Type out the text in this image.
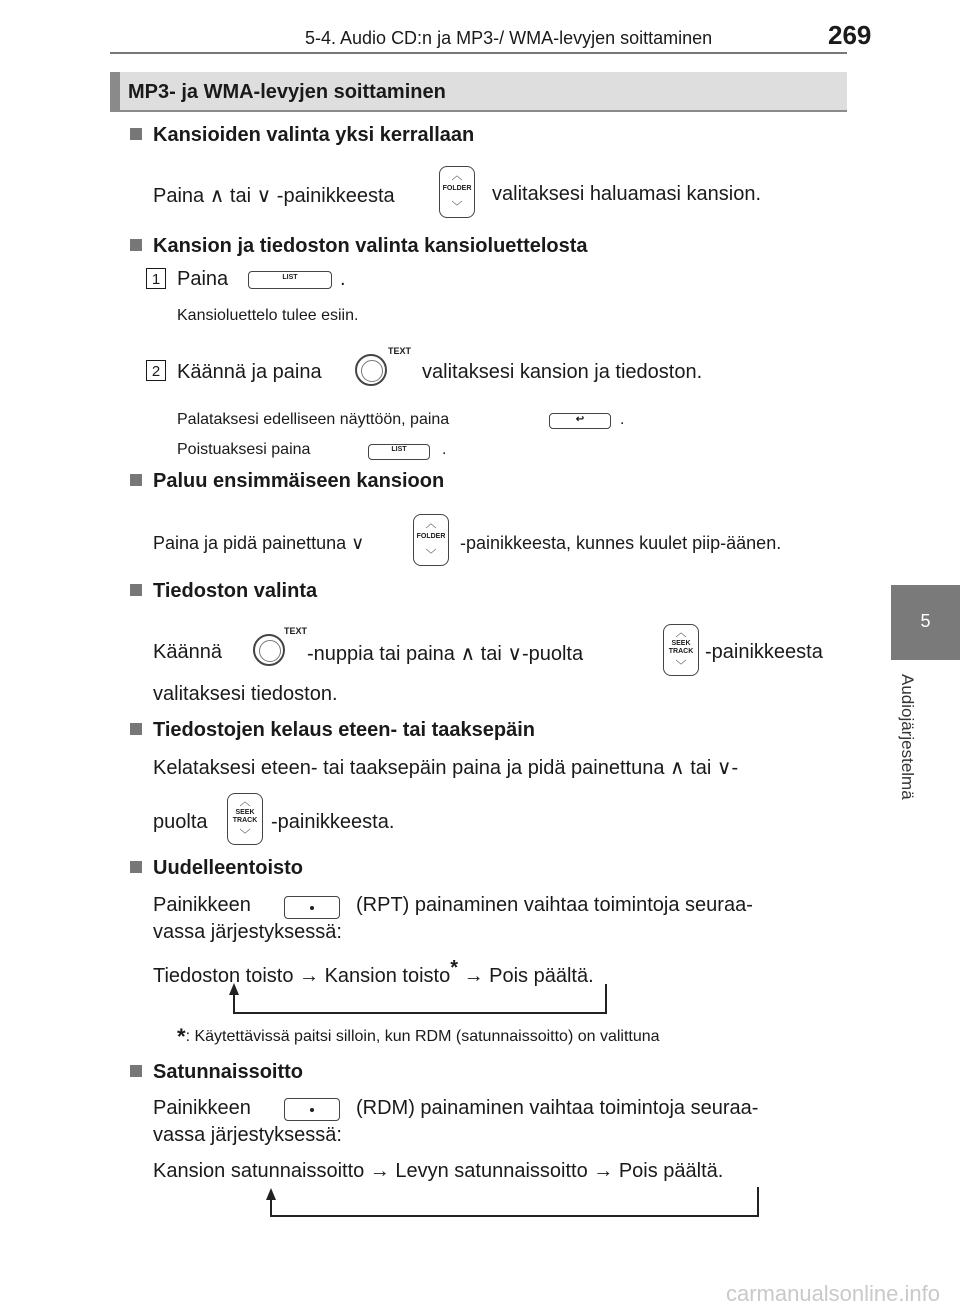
5-4. Audio CD:n ja MP3-/ WMA-levyjen soittaminen	269
5
Audiojärjestelmä
MP3- ja WMA-levyjen soittaminen
Kansioiden valinta yksi kerrallaan
Paina ∧ tai ∨ -painikkeesta
︿
FOLDER
﹀
valitaksesi haluamasi kansion.
Kansion ja tiedoston valinta kansioluettelosta
1 Paina	LIST	.
Kansioluettelo tulee esiin.
2 Käännä ja paina
TEXT
valitaksesi kansion ja tiedoston.
Palataksesi edelliseen näyttöön, paina	↩	.
Poistuaksesi paina	LIST	.
Paluu ensimmäiseen kansioon
Paina ja pidä painettuna ∨
︿
FOLDER
﹀
-painikkeesta, kunnes kuulet piip-äänen.
Tiedoston valinta
Käännä
TEXT
-nuppia tai paina ∧ tai ∨-puolta
︿
SEEK
TRACK
﹀
-painikkeesta
valitaksesi tiedoston.
Tiedostojen kelaus eteen- tai taaksepäin
Kelataksesi eteen- tai taaksepäin paina ja pidä painettuna ∧ tai ∨-
puolta
︿
SEEK
TRACK
﹀
-painikkeesta.
Uudelleentoisto
Painikkeen	(RPT) painaminen vaihtaa toimintoja seuraa-
vassa järjestyksessä:
Tiedoston toisto → Kansion toisto* → Pois päältä.
*: Käytettävissä paitsi silloin, kun RDM (satunnaissoitto) on valittuna
Satunnaissoitto
Painikkeen	(RDM) painaminen vaihtaa toimintoja seuraa-
vassa järjestyksessä:
Kansion satunnaissoitto → Levyn satunnaissoitto → Pois päältä.
carmanualsonline.info
